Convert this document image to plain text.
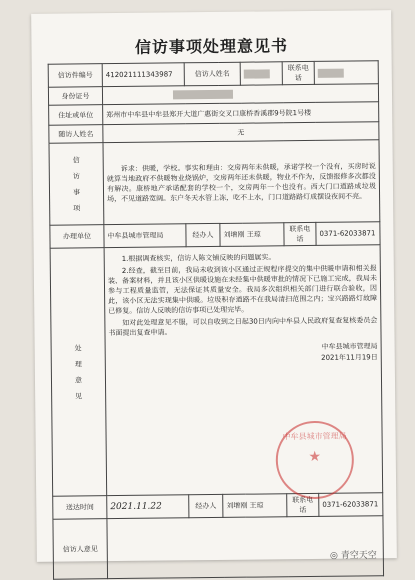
信访事项处理意见书
信访件编号	412021111343987	信访人姓名			联系电话	
身份证号						
住址或单位	郑州市中牟县中牟县郑开大道广惠街交叉口康桥香溪郡9号院1号楼					
随访人姓名	无					

信访事项	诉求：供暖，学校。事实和理由：交房两年未供暖，承诺学校一个没有，买房时说就算当地政府不供暖物业烧锅炉，交房两年还未供暖，物业不作为，反馈报修多次都没有解决。康桥地产承诺配套的学校一个，交房两年一个也没有。西大门口道路成垃圾场，不见道路宽阔。东户冬天水管上冻，吃不上水，门口道路路灯成摆设夜间不亮。					

办理单位	中牟县城市管理局	经办人	刘增刚 王琼		联系电话	0371-62033871

处理意见	1.根据调查核实，信访人陈文铺反映的问题属实。

2.经查，截至目前，我局未收到该小区通过正规程序提交的集中供暖申请和相关报装、备案材料，并且该小区供暖设施在未经集中供暖审批的情况下已施工完成，我局未参与工程质量监管，无法保证其质量安全。我局多次组织相关部门进行联合验收，因此，该小区无法实现集中供暖。垃圾积存道路不在我局清扫范围之内；宝兴路路灯故障已修复。信访人反映的信访事项已处理完毕。

如对此处理意见不服，可以自收到之日起30日内向中牟县人民政府复查复核委员会书面提出复查申请。

中牟县城市管理局
2021年11月19日					

送达时间	2021.11.22	经办人	刘增刚 王琼		联系电话	0371-62033871
信访人意见						
中牟县城市管理局
★
◎ 青空天空
